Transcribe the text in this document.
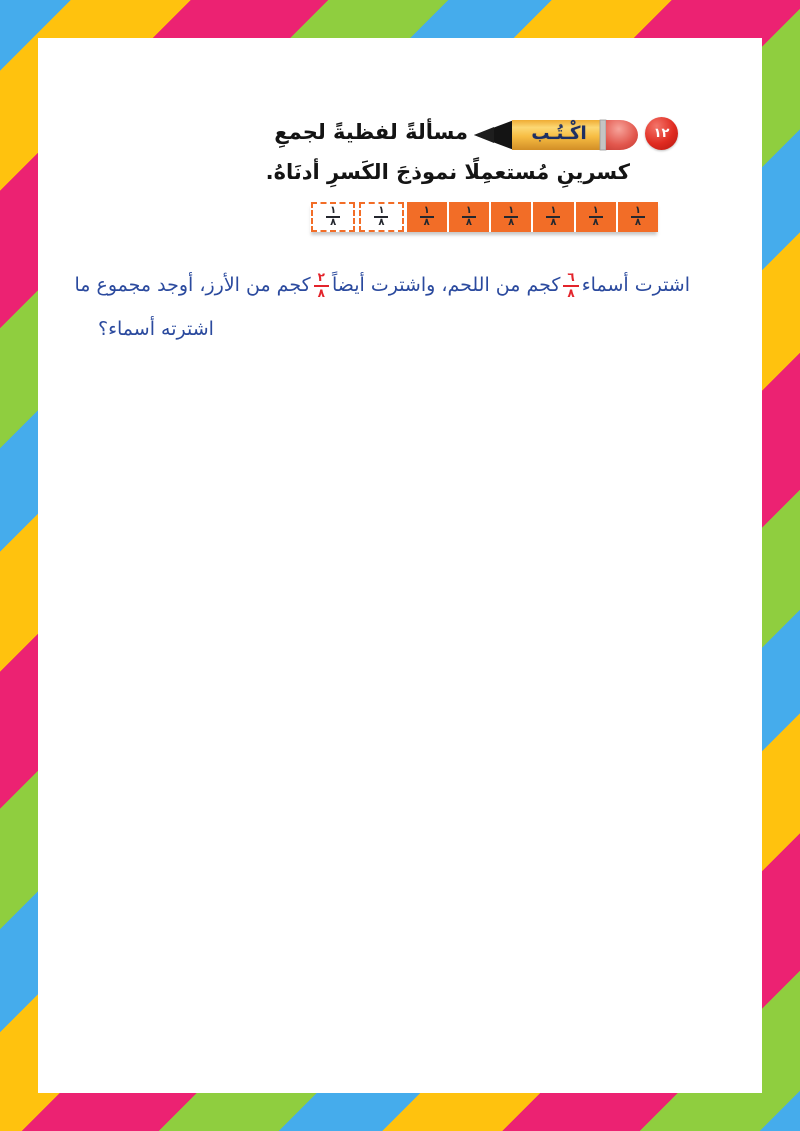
١٢
اكْـتُـب
مسألةً لفظيةً لجمعِ
كسرينِ مُستعمِلًا نموذجَ الكَسرِ أدنَاهُ.
$\frac{١}{٨}$	$\frac{١}{٨}$	$\frac{١}{٨}$	$\frac{١}{٨}$	$\frac{١}{٨}$	$\frac{١}{٨}$	$\frac{١}{٨}$	$\frac{١}{٨}$
اشترت أسماء
$\frac{٦}{٨}$
كجم من اللحم، واشترت أيضاً
$\frac{٢}{٨}$
كجم من الأرز، أوجد مجموع ما
اشترته أسماء؟
